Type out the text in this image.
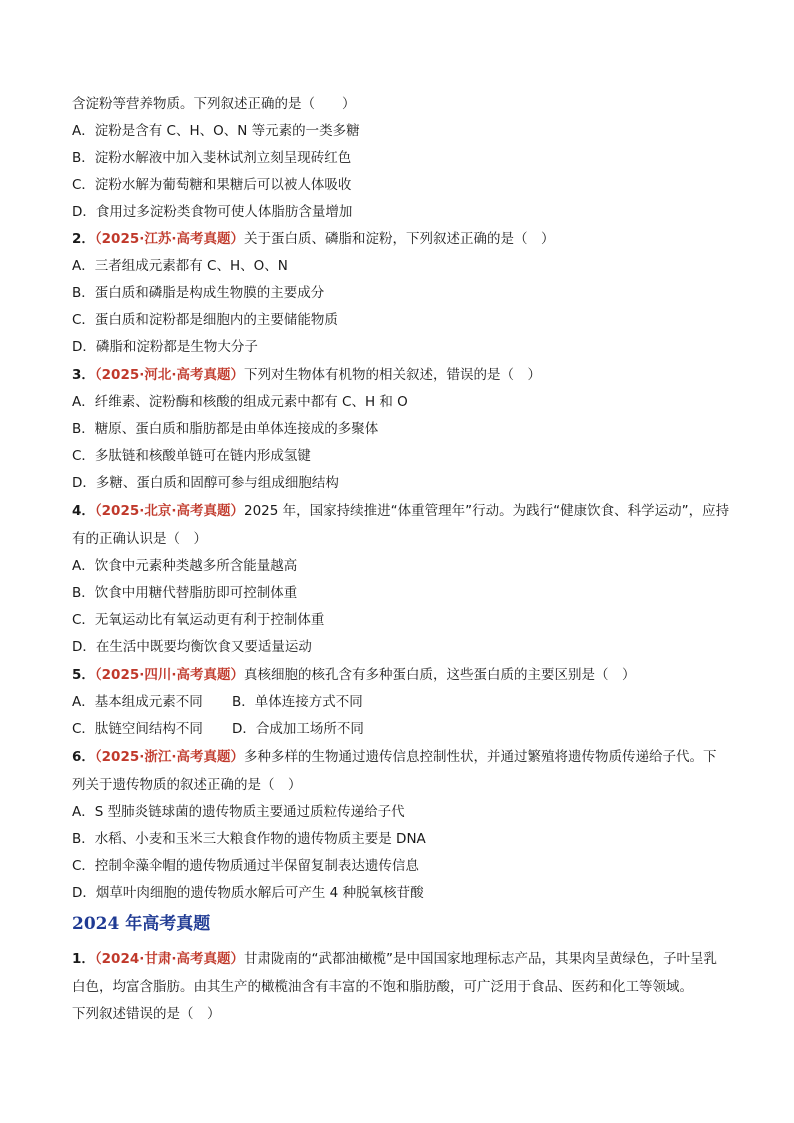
含淀粉等营养物质。下列叙述正确的是（　　）
A．淀粉是含有 C、H、O、N 等元素的一类多糖
B．淀粉水解液中加入斐林试剂立刻呈现砖红色
C．淀粉水解为葡萄糖和果糖后可以被人体吸收
D．食用过多淀粉类食物可使人体脂肪含量增加
2．（2025·江苏·高考真题）关于蛋白质、磷脂和淀粉，下列叙述正确的是（　）
A．三者组成元素都有 C、H、O、N
B．蛋白质和磷脂是构成生物膜的主要成分
C．蛋白质和淀粉都是细胞内的主要储能物质
D．磷脂和淀粉都是生物大分子
3．（2025·河北·高考真题）下列对生物体有机物的相关叙述，错误的是（　）
A．纤维素、淀粉酶和核酸的组成元素中都有 C、H 和 O
B．糖原、蛋白质和脂肪都是由单体连接成的多聚体
C．多肽链和核酸单链可在链内形成氢键
D．多糖、蛋白质和固醇可参与组成细胞结构
4．（2025·北京·高考真题）2025 年，国家持续推进“体重管理年”行动。为践行“健康饮食、科学运动”，应持
有的正确认识是（　）
A．饮食中元素种类越多所含能量越高
B．饮食中用糖代替脂肪即可控制体重
C．无氧运动比有氧运动更有利于控制体重
D．在生活中既要均衡饮食又要适量运动
5．（2025·四川·高考真题）真核细胞的核孔含有多种蛋白质，这些蛋白质的主要区别是（　）
A．基本组成元素不同 B．单体连接方式不同
C．肽链空间结构不同 D．合成加工场所不同
6．（2025·浙江·高考真题）多种多样的生物通过遗传信息控制性状，并通过繁殖将遗传物质传递给子代。下
列关于遗传物质的叙述正确的是（　）
A．S 型肺炎链球菌的遗传物质主要通过质粒传递给子代
B．水稻、小麦和玉米三大粮食作物的遗传物质主要是 DNA
C．控制伞藻伞帽的遗传物质通过半保留复制表达遗传信息
D．烟草叶肉细胞的遗传物质水解后可产生 4 种脱氧核苷酸
2024 年高考真题
1．（2024·甘肃·高考真题）甘肃陇南的“武都油橄榄”是中国国家地理标志产品，其果肉呈黄绿色，子叶呈乳
白色，均富含脂肪。由其生产的橄榄油含有丰富的不饱和脂肪酸，可广泛用于食品、医药和化工等领域。
下列叙述错误的是（　）
